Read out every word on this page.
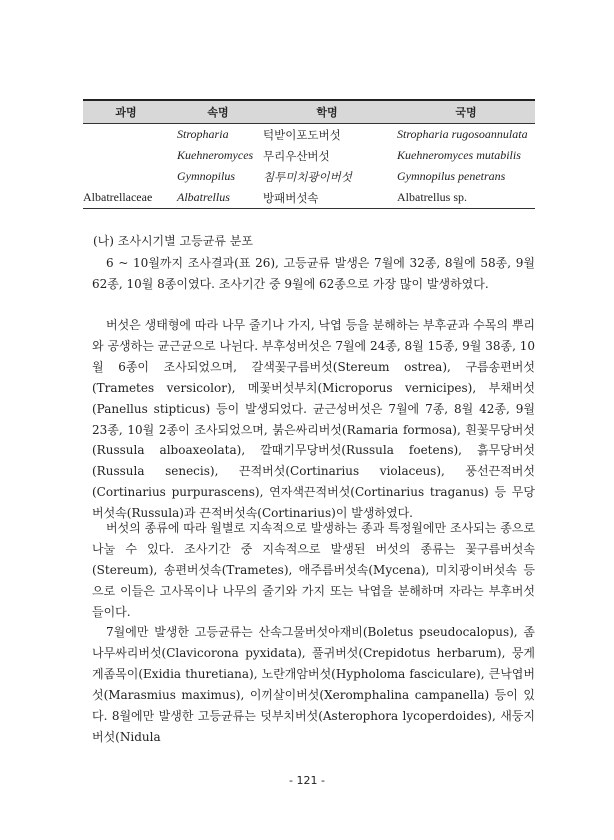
과명	속명	학명	국명
	Stropharia	턱받이포도버섯	Stropharia rugosoannulata
	Kuehneromyces	무리우산버섯	Kuehneromyces mutabilis
	Gymnopilus	침투미치광이버섯	Gymnopilus penetrans
Albatrellaceae	Albatrellus	방패버섯속	Albatrellus sp.

(나) 조사시기별 고등균류 분포

6 ~ 10월까지 조사결과(표 26), 고등균류 발생은 7월에 32종, 8월에 58종, 9월 62종, 10월 8종이였다. 조사기간 중 9월에 62종으로 가장 많이 발생하였다.

버섯은 생태형에 따라 나무 줄기나 가지, 낙엽 등을 분해하는 부후균과 수목의 뿌리와 공생하는 균근균으로 나뉜다. 부후성버섯은 7월에 24종, 8월 15종, 9월 38종, 10월 6종이 조사되었으며, 갈색꽃구름버섯(Stereum ostrea), 구름송편버섯(Trametes versicolor), 메꽃버섯부치(Microporus vernicipes), 부채버섯(Panellus stipticus) 등이 발생되었다. 균근성버섯은 7월에 7종, 8월 42종, 9월 23종, 10월 2종이 조사되었으며, 붉은싸리버섯(Ramaria formosa), 흰꽃무당버섯(Russula alboaxeolata), 깔때기무당버섯(Russula foetens), 흙무당버섯(Russula senecis), 끈적버섯(Cortinarius violaceus), 풍선끈적버섯(Cortinarius purpurascens), 연자색끈적버섯(Cortinarius traganus) 등 무당버섯속(Russula)과 끈적버섯속(Cortinarius)이 발생하였다.

버섯의 종류에 따라 월별로 지속적으로 발생하는 종과 특정월에만 조사되는 종으로 나눌 수 있다. 조사기간 중 지속적으로 발생된 버섯의 종류는 꽃구름버섯속(Stereum), 송편버섯속(Trametes), 애주름버섯속(Mycena), 미치광이버섯속 등으로 이들은 고사목이나 나무의 줄기와 가지 또는 낙엽을 분해하며 자라는 부후버섯들이다.

7월에만 발생한 고등균류는 산속그물버섯아재비(Boletus pseudocalopus), 좀나무싸리버섯(Clavicorona pyxidata), 풀귀버섯(Crepidotus herbarum), 뭉게게좀목이(Exidia thuretiana), 노란개암버섯(Hypholoma fasciculare), 큰낙엽버섯(Marasmius maximus), 이끼살이버섯(Xeromphalina campanella) 등이 있다. 8월에만 발생한 고등균류는 덧부치버섯(Asterophora lycoperdoides), 새둥지버섯(Nidula

- 121 -
